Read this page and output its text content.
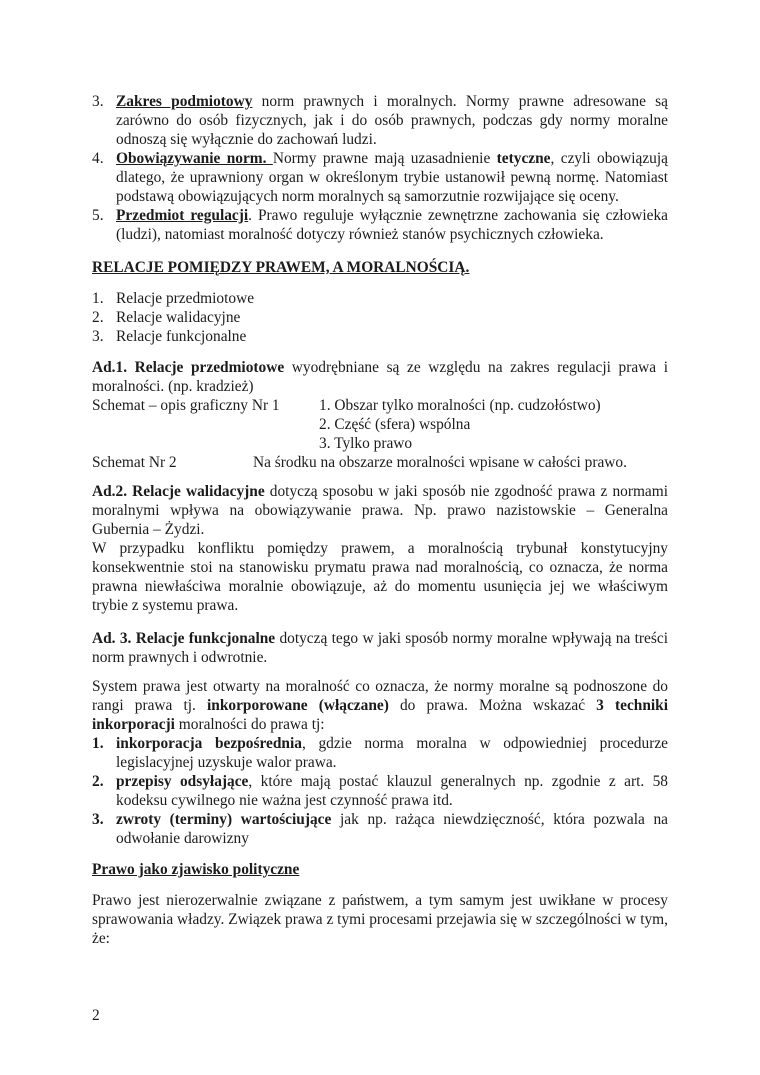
3. Zakres podmiotowy norm prawnych i moralnych. Normy prawne adresowane są zarówno do osób fizycznych, jak i do osób prawnych, podczas gdy normy moralne odnoszą się wyłącznie do zachowań ludzi.
4. Obowiązywanie norm. Normy prawne mają uzasadnienie tetyczne, czyli obowiązują dlatego, że uprawniony organ w określonym trybie ustanowił pewną normę. Natomiast podstawą obowiązujących norm moralnych są samorzutnie rozwijające się oceny.
5. Przedmiot regulacji. Prawo reguluje wyłącznie zewnętrzne zachowania się człowieka (ludzi), natomiast moralność dotyczy również stanów psychicznych człowieka.

RELACJE POMIĘDZY PRAWEM, A MORALNOŚCIĄ.

1. Relacje przedmiotowe
2. Relacje walidacyjne
3. Relacje funkcjonalne

Ad.1. Relacje przedmiotowe wyodrębniane są ze względu na zakres regulacji prawa i moralności. (np. kradzież)

Schemat – opis graficzny Nr 1	1. Obszar tylko moralności (np. cudzołóstwo)
2. Część (sfera) wspólna
3. Tylko prawo
Schemat Nr 2	Na środku na obszarze moralności wpisane w całości prawo.

Ad.2. Relacje walidacyjne dotyczą sposobu w jaki sposób nie zgodność prawa z normami moralnymi wpływa na obowiązywanie prawa. Np. prawo nazistowskie – Generalna Gubernia – Żydzi.

W przypadku konfliktu pomiędzy prawem, a moralnością trybunał konstytucyjny konsekwentnie stoi na stanowisku prymatu prawa nad moralnością, co oznacza, że norma prawna niewłaściwa moralnie obowiązuje, aż do momentu usunięcia jej we właściwym trybie z systemu prawa.

Ad. 3. Relacje funkcjonalne dotyczą tego w jaki sposób normy moralne wpływają na treści norm prawnych i odwrotnie.

System prawa jest otwarty na moralność co oznacza, że normy moralne są podnoszone do rangi prawa tj. inkorporowane (włączane) do prawa. Można wskazać 3 techniki inkorporacji moralności do prawa tj:

1. inkorporacja bezpośrednia, gdzie norma moralna w odpowiedniej procedurze legislacyjnej uzyskuje walor prawa.
2. przepisy odsyłające, które mają postać klauzul generalnych np. zgodnie z art. 58 kodeksu cywilnego nie ważna jest czynność prawa itd.
3. zwroty (terminy) wartościujące jak np. rażąca niewdzięczność, która pozwala na odwołanie darowizny

Prawo jako zjawisko polityczne

Prawo jest nierozerwalnie związane z państwem, a tym samym jest uwikłane w procesy sprawowania władzy. Związek prawa z tymi procesami przejawia się w szczególności w tym, że:

2
